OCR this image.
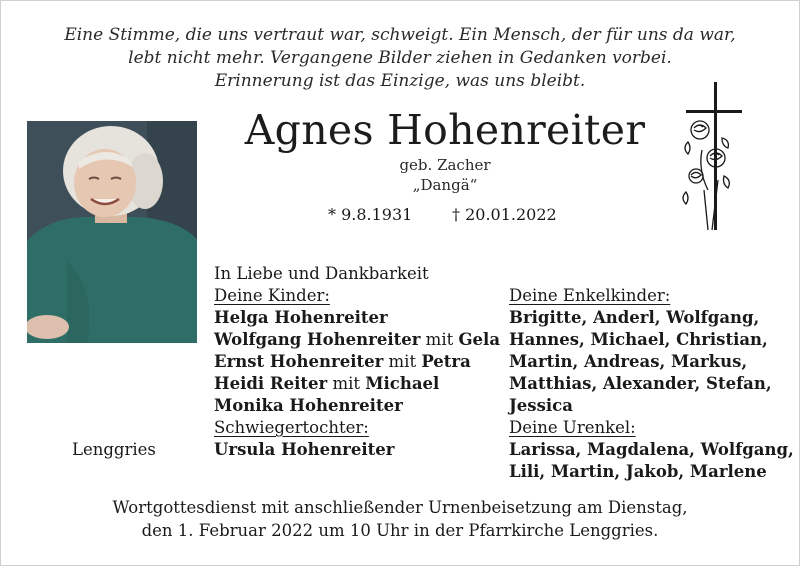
Eine Stimme, die uns vertraut war, schweigt. Ein Mensch, der für uns da war,
lebt nicht mehr. Vergangene Bilder ziehen in Gedanken vorbei.
Erinnerung ist das Einzige, was uns bleibt.
Agnes Hohenreiter
geb. Zacher
„Dangä“
* 9.8.1931 † 20.01.2022
In Liebe und Dankbarkeit
Deine Kinder:
Helga Hohenreiter
Wolfgang Hohenreiter mit Gela
Ernst Hohenreiter mit Petra
Heidi Reiter mit Michael
Monika Hohenreiter
Schwiegertochter:
Ursula Hohenreiter
Deine Enkelkinder:
Brigitte, Anderl, Wolfgang,
Hannes, Michael, Christian,
Martin, Andreas, Markus,
Matthias, Alexander, Stefan,
Jessica
Deine Urenkel:
Larissa, Magdalena, Wolfgang,
Lili, Martin, Jakob, Marlene
Lenggries
Wortgottesdienst mit anschließender Urnenbeisetzung am Dienstag,
den 1. Februar 2022 um 10 Uhr in der Pfarrkirche Lenggries.
